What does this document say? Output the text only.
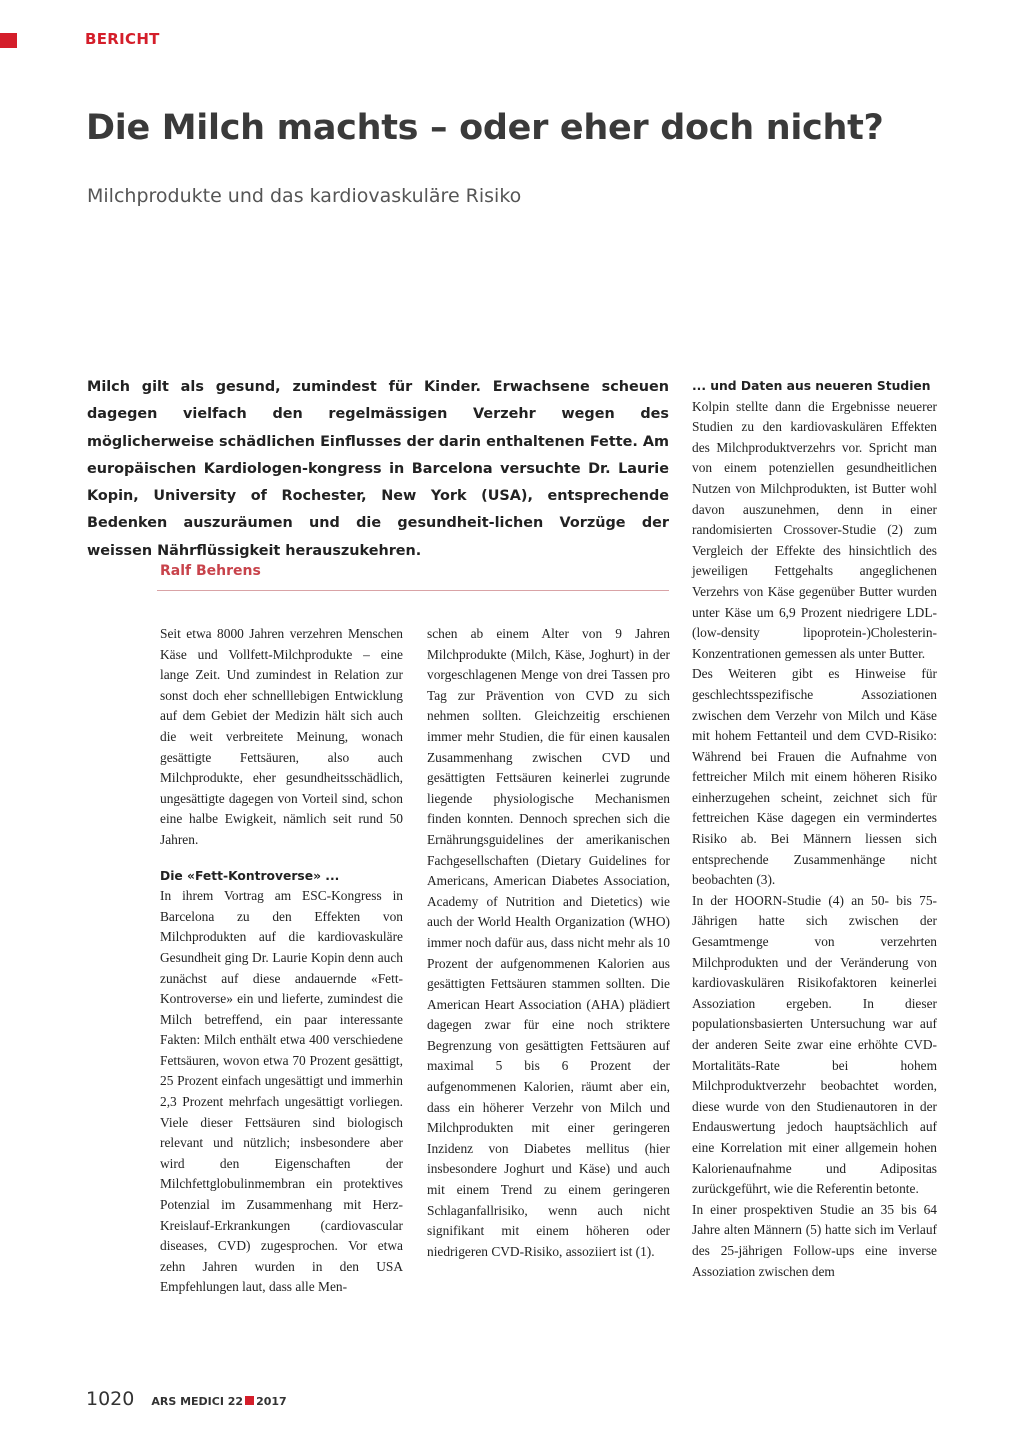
BERICHT
Die Milch machts – oder eher doch nicht?
Milchprodukte und das kardiovaskuläre Risiko

Milch gilt als gesund, zumindest für Kinder. Erwachsene scheuen dagegen vielfach den regelmässigen Verzehr wegen des möglicherweise schädlichen Einflusses der darin enthaltenen Fette. Am europäischen Kardiologen-kongress in Barcelona versuchte Dr. Laurie Kopin, University of Rochester, New York (USA), entsprechende Bedenken auszuräumen und die gesundheit-lichen Vorzüge der weissen Nährflüssigkeit herauszukehren.

Ralf Behrens

Seit etwa 8000 Jahren verzehren Menschen Käse und Vollfett-Milchprodukte – eine lange Zeit. Und zumindest in Relation zur sonst doch eher schnelllebigen Entwicklung auf dem Gebiet der Medizin hält sich auch die weit verbreitete Meinung, wonach gesättigte Fettsäuren, also auch Milchprodukte, eher gesundheitsschädlich, ungesättigte dagegen von Vorteil sind, schon eine halbe Ewigkeit, nämlich seit rund 50 Jahren.

Die «Fett-Kontroverse» ...

In ihrem Vortrag am ESC-Kongress in Barcelona zu den Effekten von Milchprodukten auf die kardiovaskuläre Gesundheit ging Dr. Laurie Kopin denn auch zunächst auf diese andauernde «Fett-Kontroverse» ein und lieferte, zumindest die Milch betreffend, ein paar interessante Fakten: Milch enthält etwa 400 verschiedene Fettsäuren, wovon etwa 70 Prozent gesättigt, 25 Prozent einfach ungesättigt und immerhin 2,3 Prozent mehrfach ungesättigt vorliegen. Viele dieser Fettsäuren sind biologisch relevant und nützlich; insbesondere aber wird den Eigenschaften der Milchfettglobulinmembran ein protektives Potenzial im Zusammenhang mit Herz-Kreislauf-Erkrankungen (cardiovascular diseases, CVD) zugesprochen. Vor etwa zehn Jahren wurden in den USA Empfehlungen laut, dass alle Men-

schen ab einem Alter von 9 Jahren Milchprodukte (Milch, Käse, Joghurt) in der vorgeschlagenen Menge von drei Tassen pro Tag zur Prävention von CVD zu sich nehmen sollten. Gleichzeitig erschienen immer mehr Studien, die für einen kausalen Zusammenhang zwischen CVD und gesättigten Fettsäuren keinerlei zugrunde liegende physiologische Mechanismen finden konnten. Dennoch sprechen sich die Ernährungsguidelines der amerikanischen Fachgesellschaften (Dietary Guidelines for Americans, American Diabetes Association, Academy of Nutrition and Dietetics) wie auch der World Health Organization (WHO) immer noch dafür aus, dass nicht mehr als 10 Prozent der aufgenommenen Kalorien aus gesättigten Fettsäuren stammen sollten. Die American Heart Association (AHA) plädiert dagegen zwar für eine noch striktere Begrenzung von gesättigten Fettsäuren auf maximal 5 bis 6 Prozent der aufgenommenen Kalorien, räumt aber ein, dass ein höherer Verzehr von Milch und Milchprodukten mit einer geringeren Inzidenz von Diabetes mellitus (hier insbesondere Joghurt und Käse) und auch mit einem Trend zu einem geringeren Schlaganfallrisiko, wenn auch nicht signifikant mit einem höheren oder niedrigeren CVD-Risiko, assoziiert ist (1).

... und Daten aus neueren Studien

Kolpin stellte dann die Ergebnisse neuerer Studien zu den kardiovaskulären Effekten des Milchproduktverzehrs vor. Spricht man von einem potenziellen gesundheitlichen Nutzen von Milchprodukten, ist Butter wohl davon auszunehmen, denn in einer randomisierten Crossover-Studie (2) zum Vergleich der Effekte des hinsichtlich des jeweiligen Fettgehalts angeglichenen Verzehrs von Käse gegenüber Butter wurden unter Käse um 6,9 Prozent niedrigere LDL-(low-density lipoprotein-)Cholesterin-Konzentrationen gemessen als unter Butter.

Des Weiteren gibt es Hinweise für geschlechtsspezifische Assoziationen zwischen dem Verzehr von Milch und Käse mit hohem Fettanteil und dem CVD-Risiko: Während bei Frauen die Aufnahme von fettreicher Milch mit einem höheren Risiko einherzugehen scheint, zeichnet sich für fettreichen Käse dagegen ein vermindertes Risiko ab. Bei Männern liessen sich entsprechende Zusammenhänge nicht beobachten (3).

In der HOORN-Studie (4) an 50- bis 75-Jährigen hatte sich zwischen der Gesamtmenge von verzehrten Milchprodukten und der Veränderung von kardiovaskulären Risikofaktoren keinerlei Assoziation ergeben. In dieser populationsbasierten Untersuchung war auf der anderen Seite zwar eine erhöhte CVD-Mortalitäts-Rate bei hohem Milchproduktverzehr beobachtet worden, diese wurde von den Studienautoren in der Endauswertung jedoch hauptsächlich auf eine Korrelation mit einer allgemein hohen Kalorienaufnahme und Adipositas zurückgeführt, wie die Referentin betonte.

In einer prospektiven Studie an 35 bis 64 Jahre alten Männern (5) hatte sich im Verlauf des 25-jährigen Follow-ups eine inverse Assoziation zwischen dem

1020 ARS MEDICI 22 2017
